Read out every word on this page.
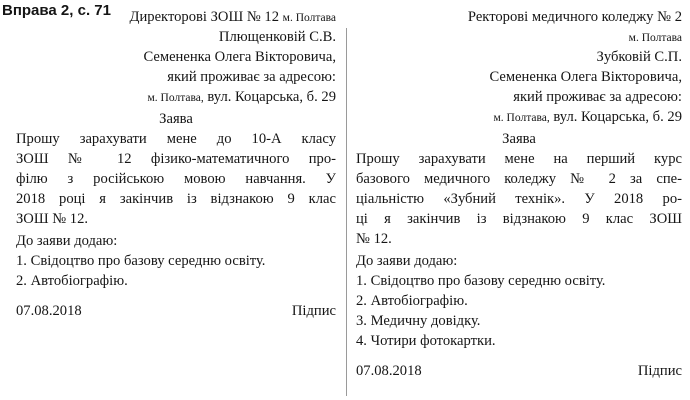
Вправа 2, с. 71 Директорові ЗОШ № 12 м. Полтава
Плющенковій С.В.
Семененка Олега Вікторовича,
який проживає за адресою:
м. Полтава, вул. Коцарська, б. 29
Заява
Прошу зарахувати мене до 10-А класу
ЗОШ № 12 фізико-математичного про-
філю з російською мовою навчання. У
2018 році я закінчив із відзнакою 9 клас
ЗОШ № 12.
До заяви додаю:
1. Свідоцтво про базову середню освіту.
2. Автобіографію.
07.08.2018	Підпис
Ректорові медичного коледжу № 2
м. Полтава
Зубковій С.П.
Семененка Олега Вікторовича,
який проживає за адресою:
м. Полтава, вул. Коцарська, б. 29
Заява
Прошу зарахувати мене на перший курс
базового медичного коледжу № 2 за спе-
ціальністю «Зубний технік». У 2018 ро-
ці я закінчив із відзнакою 9 клас ЗОШ
№ 12.
До заяви додаю:
1. Свідоцтво про базову середню освіту.
2. Автобіографію.
3. Медичну довідку.
4. Чотири фотокартки.
07.08.2018	Підпис
